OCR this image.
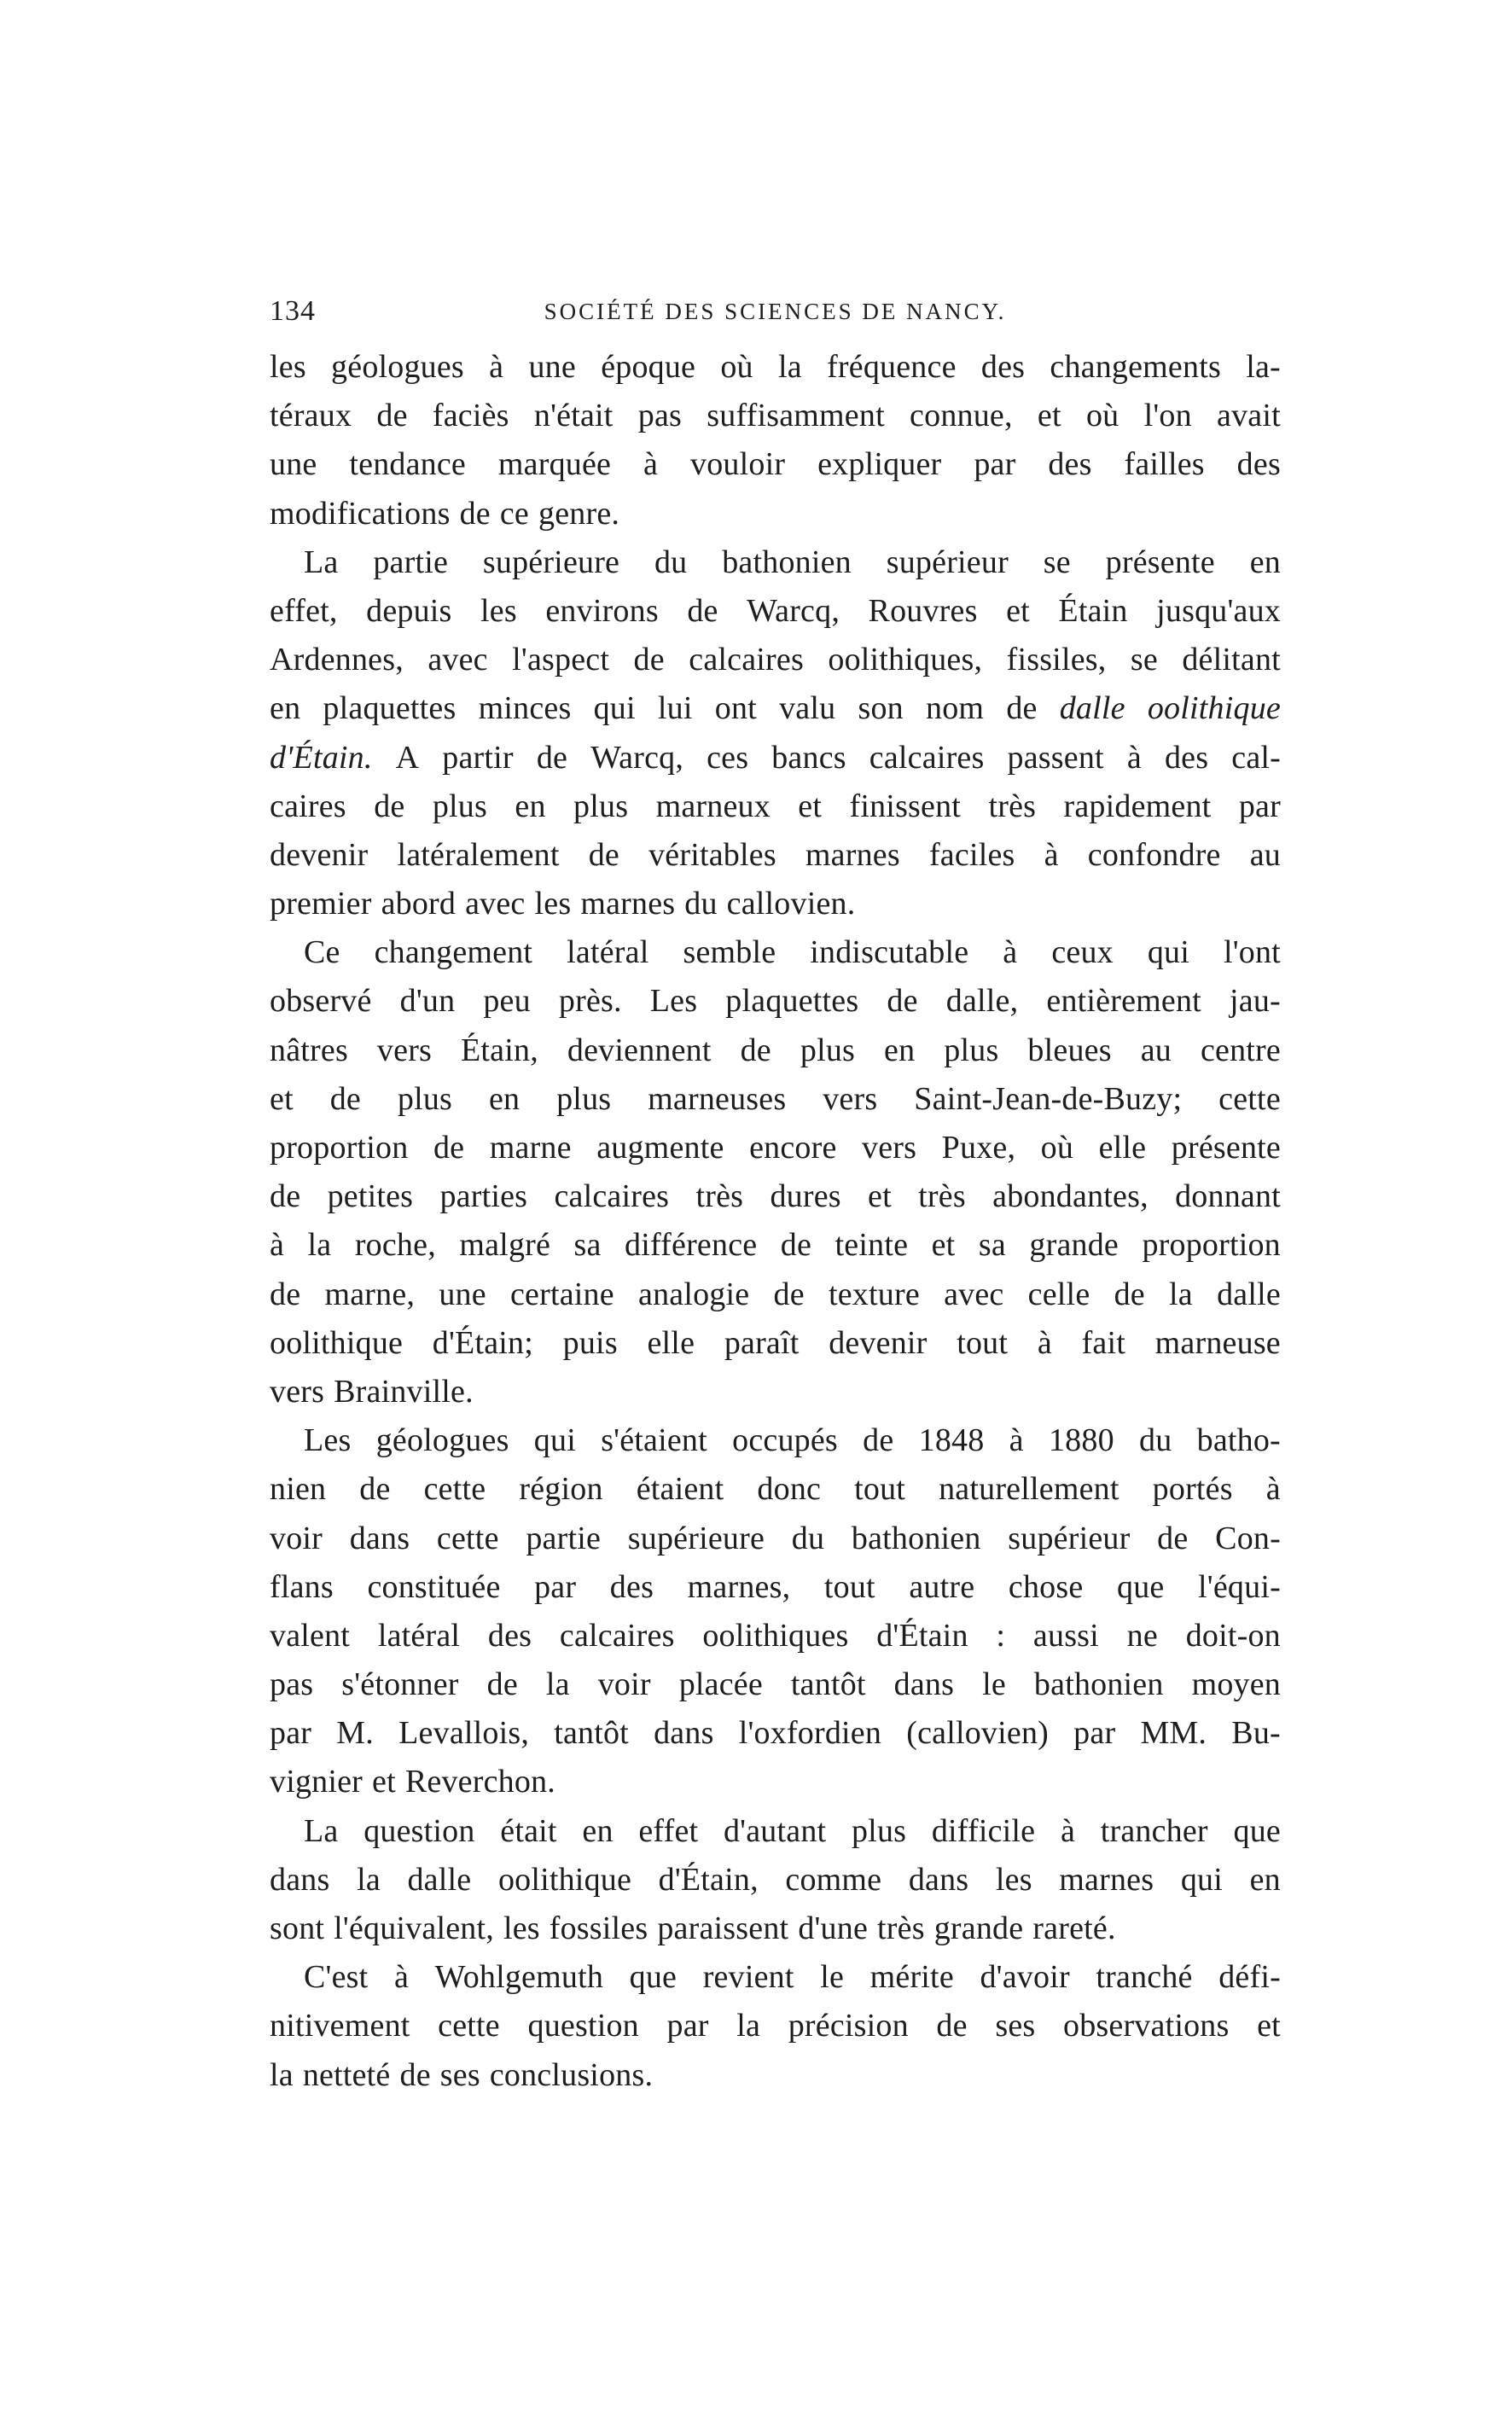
134	SOCIÉTÉ DES SCIENCES DE NANCY.
les géologues à une époque où la fréquence des changements la-
téraux de faciès n'était pas suffisamment connue, et où l'on avait
une tendance marquée à vouloir expliquer par des failles des
modifications de ce genre.
La partie supérieure du bathonien supérieur se présente en
effet, depuis les environs de Warcq, Rouvres et Étain jusqu'aux
Ardennes, avec l'aspect de calcaires oolithiques, fissiles, se délitant
en plaquettes minces qui lui ont valu son nom de dalle oolithique
d'Étain. A partir de Warcq, ces bancs calcaires passent à des cal-
caires de plus en plus marneux et finissent très rapidement par
devenir latéralement de véritables marnes faciles à confondre au
premier abord avec les marnes du callovien.
Ce changement latéral semble indiscutable à ceux qui l'ont
observé d'un peu près. Les plaquettes de dalle, entièrement jau-
nâtres vers Étain, deviennent de plus en plus bleues au centre
et de plus en plus marneuses vers Saint-Jean-de-Buzy; cette
proportion de marne augmente encore vers Puxe, où elle présente
de petites parties calcaires très dures et très abondantes, donnant
à la roche, malgré sa différence de teinte et sa grande proportion
de marne, une certaine analogie de texture avec celle de la dalle
oolithique d'Étain; puis elle paraît devenir tout à fait marneuse
vers Brainville.
Les géologues qui s'étaient occupés de 1848 à 1880 du batho-
nien de cette région étaient donc tout naturellement portés à
voir dans cette partie supérieure du bathonien supérieur de Con-
flans constituée par des marnes, tout autre chose que l'équi-
valent latéral des calcaires oolithiques d'Étain : aussi ne doit-on
pas s'étonner de la voir placée tantôt dans le bathonien moyen
par M. Levallois, tantôt dans l'oxfordien (callovien) par MM. Bu-
vignier et Reverchon.
La question était en effet d'autant plus difficile à trancher que
dans la dalle oolithique d'Étain, comme dans les marnes qui en
sont l'équivalent, les fossiles paraissent d'une très grande rareté.
C'est à Wohlgemuth que revient le mérite d'avoir tranché défi-
nitivement cette question par la précision de ses observations et
la netteté de ses conclusions.
